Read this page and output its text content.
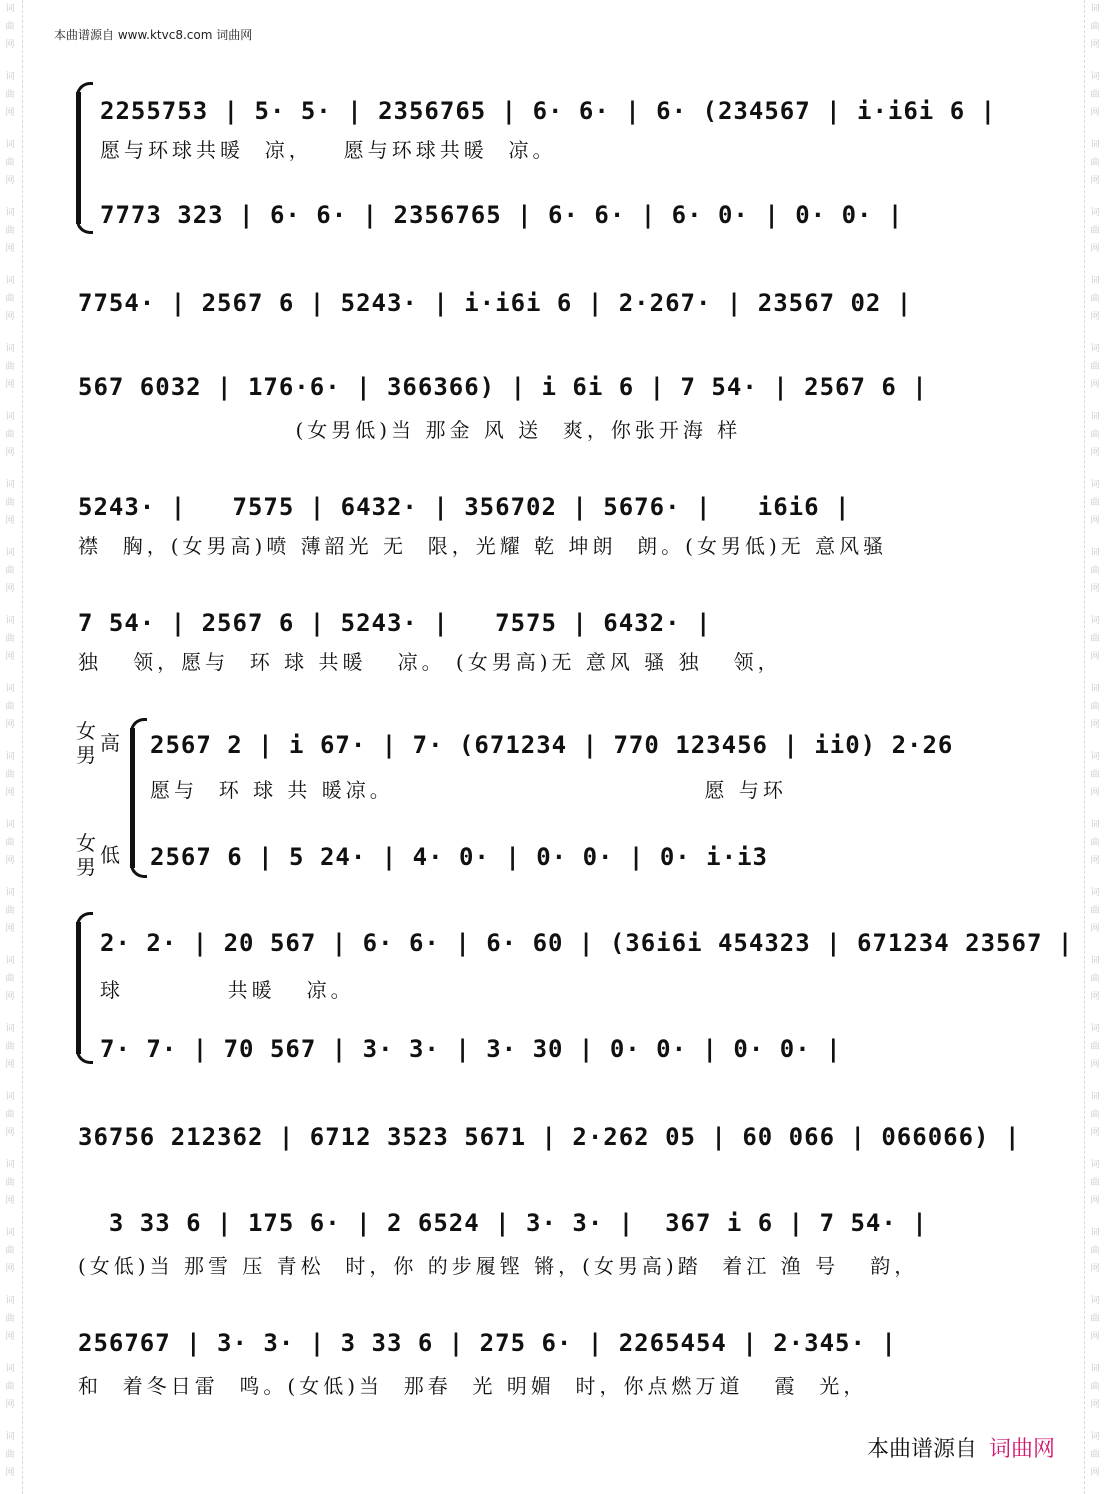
词
曲
网
词
曲
网
词
曲
网
词
曲
网
词
曲
网
词
曲
网
词
曲
网
词
曲
网
词
曲
网
词
曲
网
词
曲
网
词
曲
网
词
曲
网
词
曲
网
词
曲
网
词
曲
网
词
曲
网
词
曲
网
词
曲
网
词
曲
网
词
曲
网
词
曲
网
词
曲
网
词
曲
网
词
曲
网
词
曲
网
词
曲
网
词
曲
网
词
曲
网
词
曲
网
词
曲
网
词
曲
网
词
曲
网
词
曲
网
词
曲
网
词
曲
网
词
曲
网
词
曲
网
词
曲
网
词
曲
网
词
曲
网
词
曲
网
词
曲
网
词
曲
网
本曲谱源自 www.ktvc8.com 词曲网
女
男 高
女
男 低
2255753 | 5· 5· | 2356765 | 6· 6· | 6· (234567 | i·i6i 6 |
愿与环球共暖  凉，   愿与环球共暖  凉。
7773 323 | 6· 6· | 2356765 | 6· 6· | 6· 0· | 0· 0· |
7754· | 2567 6 | 5243· | i·i6i 6 | 2·267· | 23567 02 |
567 6032 | 176·6· | 366366) | i 6i 6 | 7 54· | 2567 6 |
(女男低)当 那金 风 送  爽，你张开海 样
5243· |   7575 | 6432· | 356702 | 5676· |   i6i6 |
襟  胸，(女男高)喷 薄韶光 无  限，光耀 乾 坤朗  朗。(女男低)无 意风骚
7 54· | 2567 6 | 5243· |   7575 | 6432· |
独   领，愿与  环 球 共暖   凉。 (女男高)无 意风 骚 独   领，
2567 2 | i 67· | 7· (671234 | 770 123456 | ii0) 2·26
愿与  环 球 共 暖凉。                              愿 与环
2567 6 | 5 24· | 4· 0· | 0· 0· | 0· i·i3
2· 2· | 20 567 | 6· 6· | 6· 60 | (36i6i 454323 | 671234 23567 |
球          共暖   凉。
7· 7· | 70 567 | 3· 3· | 3· 30 | 0· 0· | 0· 0· |
36756 212362 | 6712 3523 5671 | 2·262 05 | 60 066 | 066066) |
3 33 6 | 175 6· | 2 6524 | 3· 3· |  367 i 6 | 7 54· |
(女低)当 那雪 压 青松  时，你 的步履铿 锵，(女男高)踏  着江 渔 号   韵，
256767 | 3· 3· | 3 33 6 | 275 6· | 2265454 | 2·345· |
和  着冬日雷  鸣。(女低)当  那春  光 明媚  时，你点燃万道   霞  光，
本曲谱源自 词曲网
